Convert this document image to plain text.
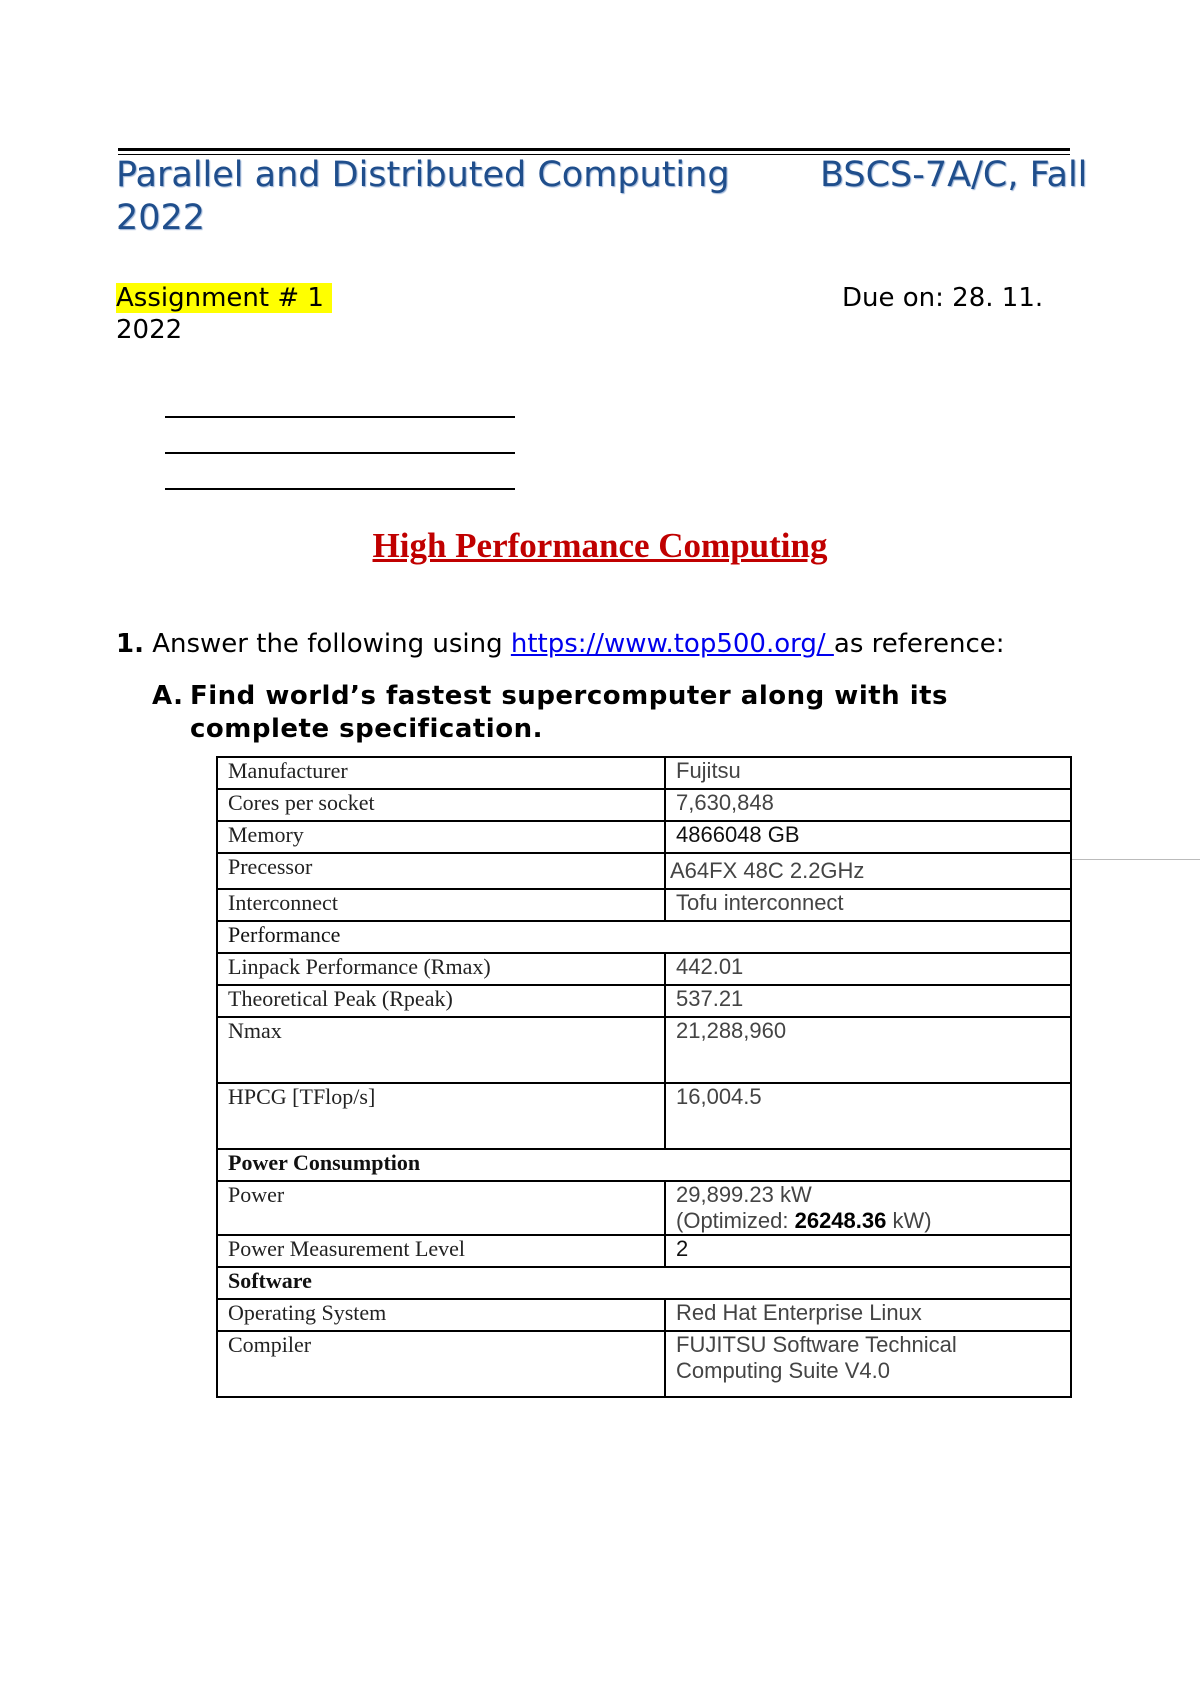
Parallel and Distributed Computing	BSCS-7A/C, Fall

2022
Assignment # 1	Due on: 28. 11.
2022
High Performance Computing
1. Answer the following using https://www.top500.org/ as reference:
A. Find world’s fastest supercomputer along with its
complete specification.
Manufacturer	Fujitsu
Cores per socket	7,630,848
Memory	4866048 GB
Precessor	A64FX 48C 2.2GHz
Interconnect	Tofu interconnect
Performance	
Linpack Performance (Rmax)	442.01
Theoretical Peak (Rpeak)	537.21
Nmax	21,288,960
HPCG [TFlop/s]	16,004.5
Power Consumption	
Power	29,899.23 kW
(Optimized: 26248.36 kW)
Power Measurement Level	2
Software	
Operating System	Red Hat Enterprise Linux
Compiler	FUJITSU Software Technical
Computing Suite V4.0
